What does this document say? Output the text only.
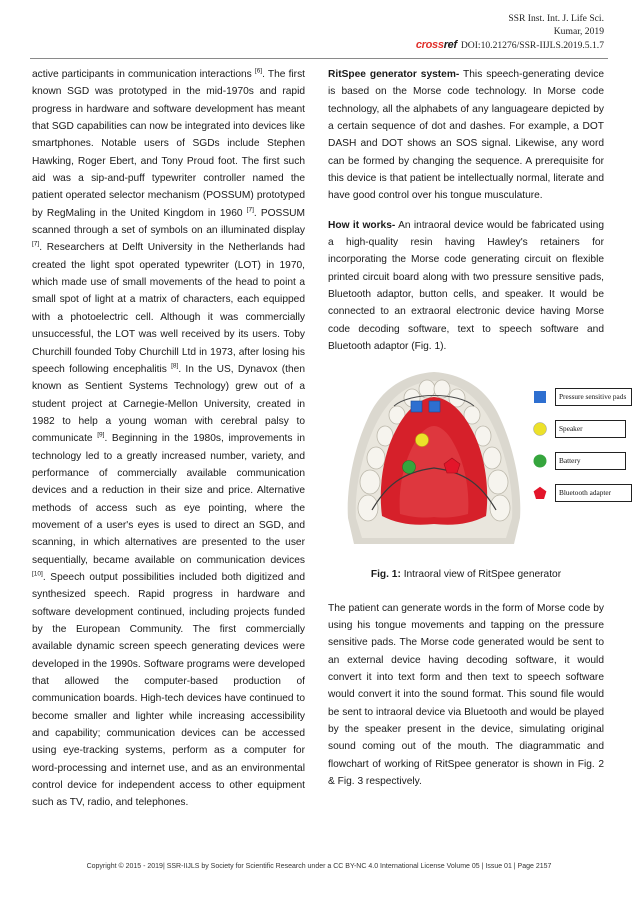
SSR Inst. Int. J. Life Sci.
Kumar, 2019
crossref DOI:10.21276/SSR-IIJLS.2019.5.1.7

active participants in communication interactions [6]. The first known SGD was prototyped in the mid-1970s and rapid progress in hardware and software development has meant that SGD capabilities can now be integrated into devices like smartphones. Notable users of SGDs include Stephen Hawking, Roger Ebert, and Tony Proud foot. The first such aid was a sip-and-puff typewriter controller named the patient operated selector mechanism (POSSUM) prototyped by RegMaling in the United Kingdom in 1960 [7]. POSSUM scanned through a set of symbols on an illuminated display [7]. Researchers at Delft University in the Netherlands had created the light spot operated typewriter (LOT) in 1970, which made use of small movements of the head to point a small spot of light at a matrix of characters, each equipped with a photoelectric cell. Although it was commercially unsuccessful, the LOT was well received by its users. Toby Churchill founded Toby Churchill Ltd in 1973, after losing his speech following encephalitis [8]. In the US, Dynavox (then known as Sentient Systems Technology) grew out of a student project at Carnegie-Mellon University, created in 1982 to help a young woman with cerebral palsy to communicate [9]. Beginning in the 1980s, improvements in technology led to a greatly increased number, variety, and performance of commercially available communication devices and a reduction in their size and price. Alternative methods of access such as eye pointing, where the movement of a user's eyes is used to direct an SGD, and scanning, in which alternatives are presented to the user sequentially, became available on communication devices [10]. Speech output possibilities included both digitized and synthesized speech. Rapid progress in hardware and software development continued, including projects funded by the European Community. The first commercially available dynamic screen speech generating devices were developed in the 1990s. Software programs were developed that allowed the computer-based production of communication boards. High-tech devices have continued to become smaller and lighter while increasing accessibility and capability; communication devices can be accessed using eye-tracking systems, perform as a computer for word-processing and internet use, and as an environmental control device for independent access to other equipment such as TV, radio, and telephones.

RitSpee generator system- This speech-generating device is based on the Morse code technology. In Morse code technology, all the alphabets of any languageare depicted by a certain sequence of dot and dashes. For example, a DOT DASH and DOT shows an SOS signal. Likewise, any word can be formed by changing the sequence. A prerequisite for this device is that patient be intellectually normal, literate and have good control over his tongue musculature.

How it works- An intraoral device would be fabricated using a high-quality resin having Hawley's retainers for incorporating the Morse code generating circuit on flexible printed circuit board along with two pressure sensitive pads, Bluetooth adaptor, button cells, and speaker. It would be connected to an extraoral electronic device having Morse code decoding software, text to speech software and Bluetooth adaptor (Fig. 1).

Pressure sensitive pads
Speaker
Battery
Bluetooth adapter

Fig. 1: Intraoral view of RitSpee generator

The patient can generate words in the form of Morse code by using his tongue movements and tapping on the pressure sensitive pads. The Morse code generated would be sent to an external device having decoding software, it would convert it into text form and then text to speech software would convert it into the sound format. This sound file would be sent to intraoral device via Bluetooth and would be played by the speaker present in the device, simulating original sound coming out of the mouth. The diagrammatic and flowchart of working of RitSpee generator is shown in Fig. 2 & Fig. 3 respectively.

Copyright © 2015 - 2019| SSR-IIJLS by Society for Scientific Research under a CC BY-NC 4.0 International License Volume 05 | Issue 01 | Page 2157
